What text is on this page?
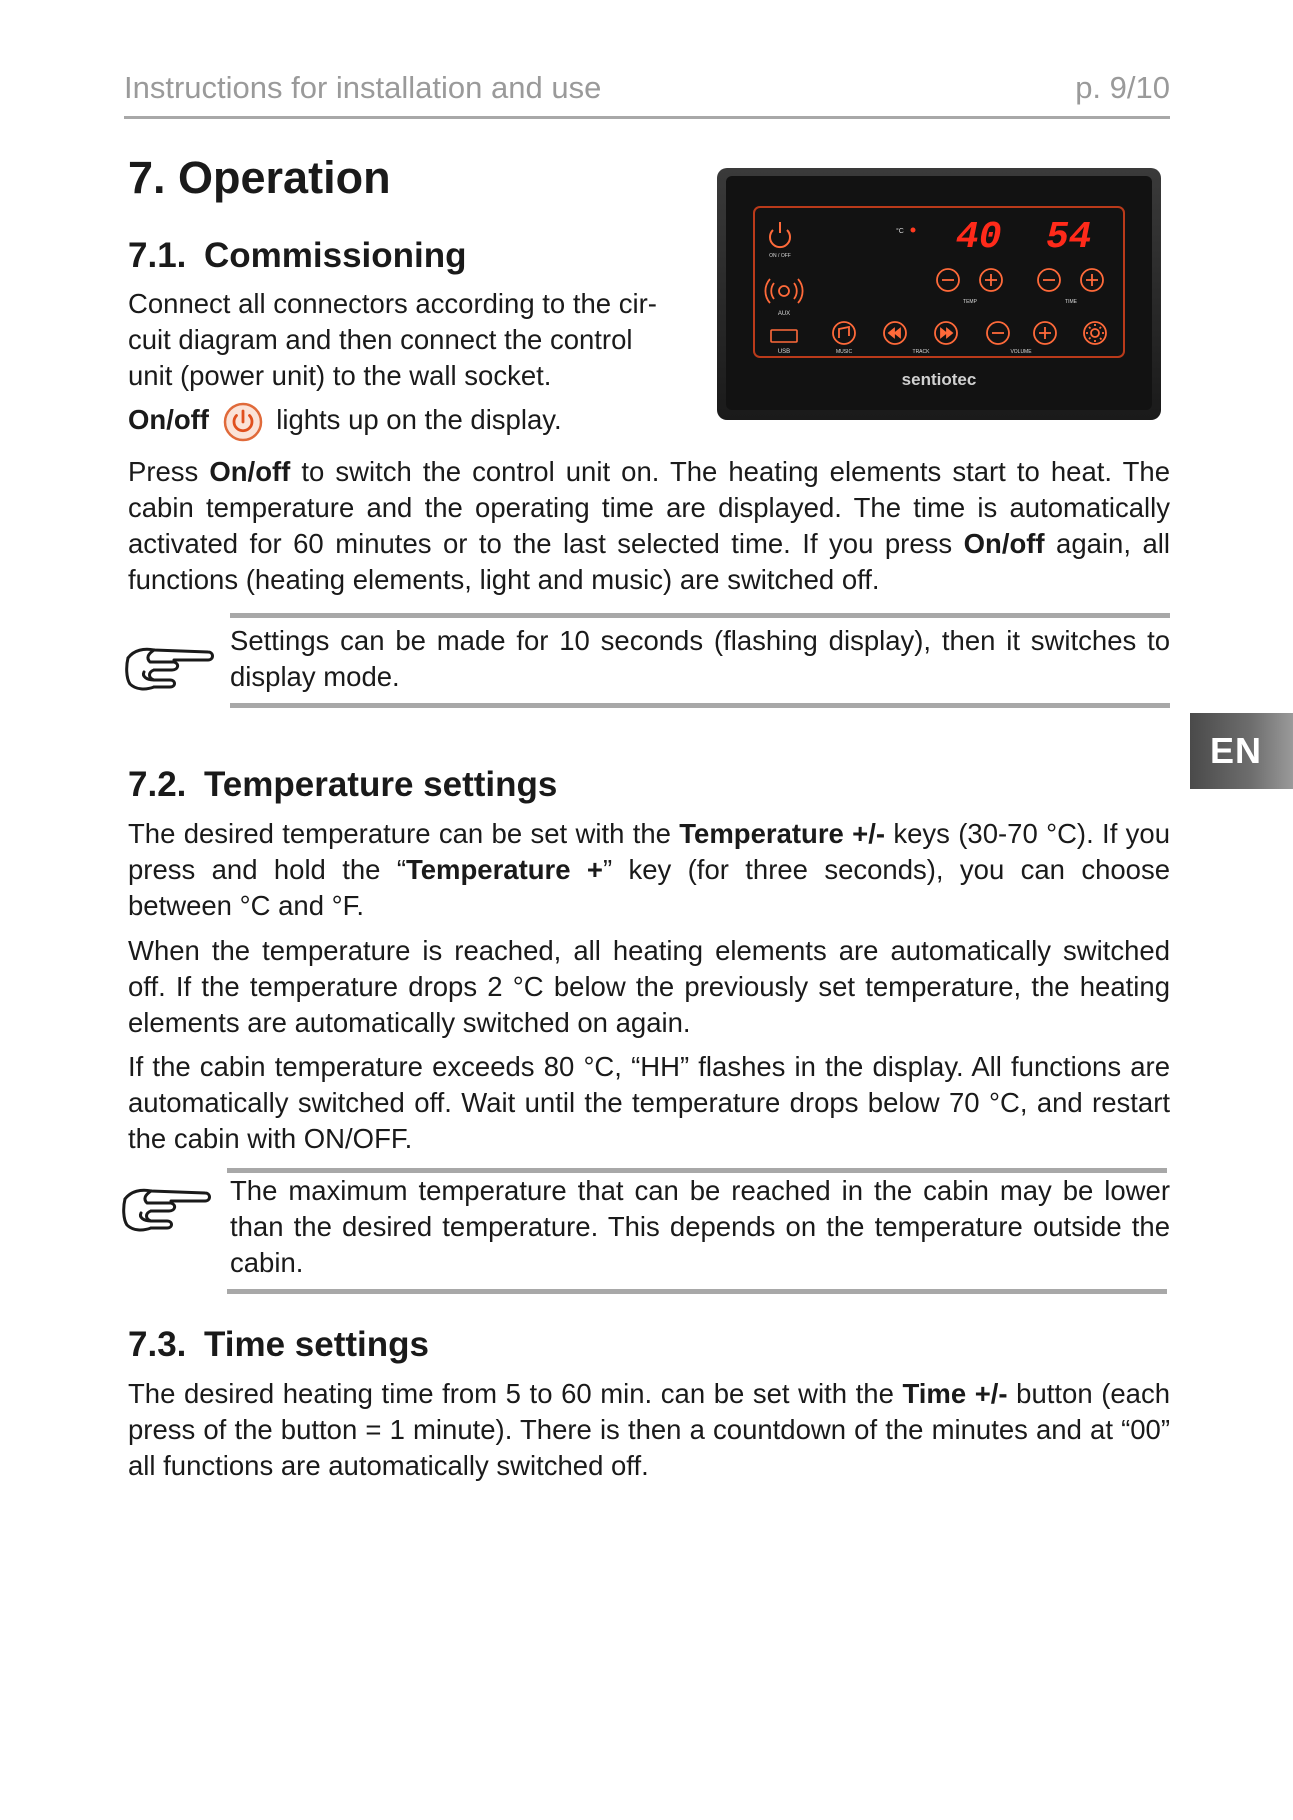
Instructions for installation and use	p. 9/10
EN
7. Operation
7.1. Commissioning
Connect all connectors according to the cir-
cuit diagram and then connect the control
unit (power unit) to the wall socket.
On/off lights up on the display.
ON / OFF
AUX
USB
°C 40 54
TEMP	TIME
MUSIC	TRACK	VOLUME
sentiotec
Press On/off to switch the control unit on. The heating elements start to heat. The cabin temperature and the operating time are displayed. The time is automatically activated for 60 minutes or to the last selected time. If you press On/off again, all functions (heating elements, light and music) are switched off.
Settings can be made for 10 seconds (flashing display), then it switches to display mode.
7.2. Temperature settings
The desired temperature can be set with the Temperature +/- keys (30-70 °C). If you press and hold the “Temperature +” key (for three seconds), you can choose between °C and °F.
When the temperature is reached, all heating elements are automatically switched off. If the temperature drops 2 °C below the previously set temperature, the heating elements are automatically switched on again.
If the cabin temperature exceeds 80 °C, “HH” flashes in the display. All functions are automatically switched off. Wait until the temperature drops below 70 °C, and restart the cabin with ON/OFF.
The maximum temperature that can be reached in the cabin may be lower than the desired temperature. This depends on the temperature outside the cabin.
7.3. Time settings
The desired heating time from 5 to 60 min. can be set with the Time +/- button (each press of the button = 1 minute). There is then a countdown of the minutes and at “00” all functions are automatically switched off.
